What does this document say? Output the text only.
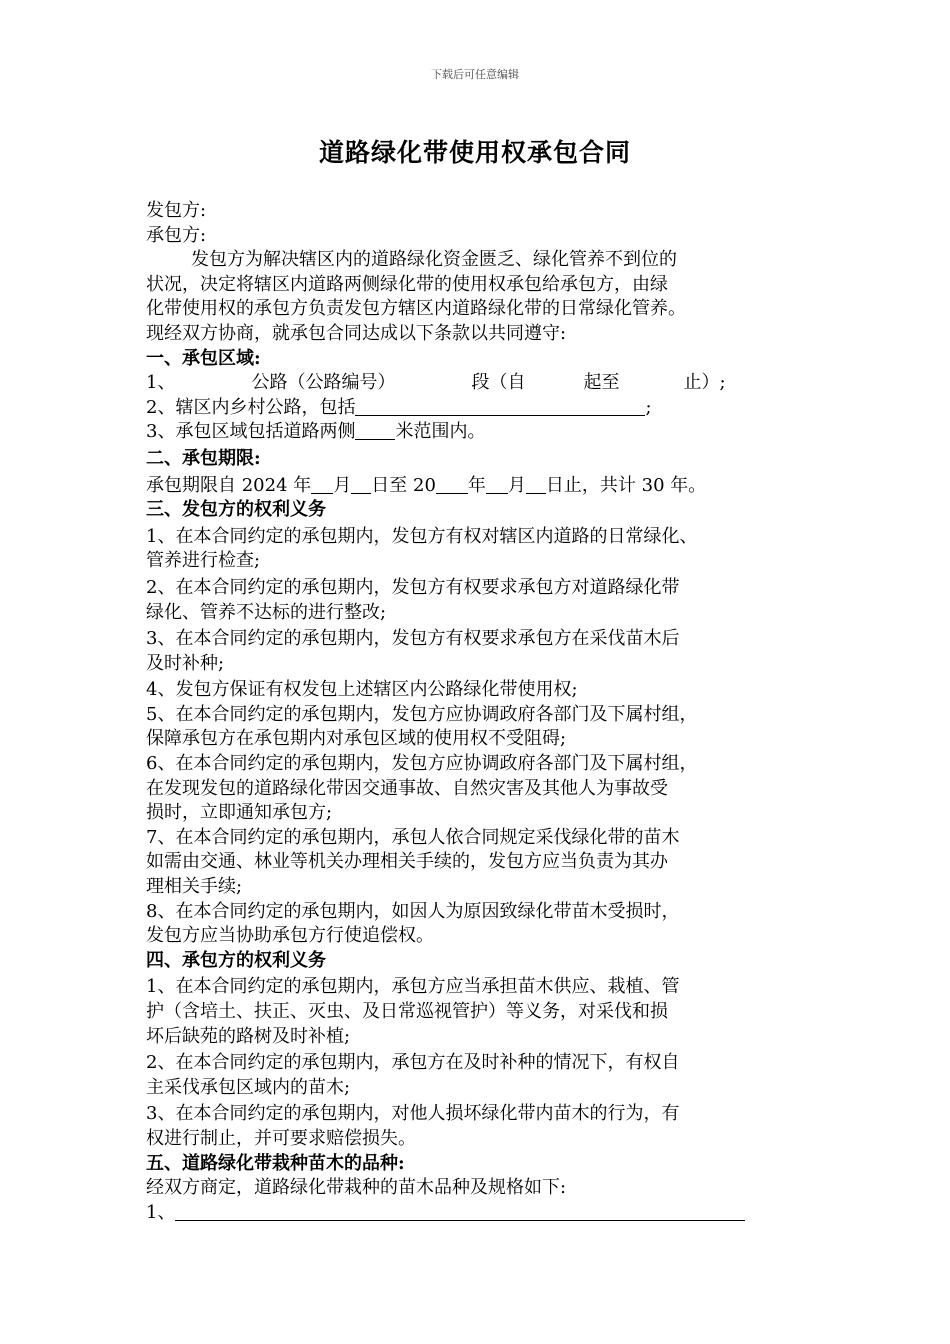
下载后可任意编辑
道路绿化带使用权承包合同
发包方:
承包方:
发包方为解决辖区内的道路绿化资金匮乏、绿化管养不到位的
状况，决定将辖区内道路两侧绿化带的使用权承包给承包方，由绿
化带使用权的承包方负责发包方辖区内道路绿化带的日常绿化管养。
现经双方协商，就承包合同达成以下条款以共同遵守:
一、承包区域:
1、	公路（公路编号）	段（自	起至	止）;
2、辖区内乡村公路，包括	;
3、承包区域包括道路两侧 米范围内。
二、承包期限:
承包期限自 2024 年 月 日至 20 年 月 日止，共计 30 年。
三、发包方的权利义务
1、在本合同约定的承包期内，发包方有权对辖区内道路的日常绿化、
管养进行检查;
2、在本合同约定的承包期内，发包方有权要求承包方对道路绿化带
绿化、管养不达标的进行整改;
3、在本合同约定的承包期内，发包方有权要求承包方在采伐苗木后
及时补种;
4、发包方保证有权发包上述辖区内公路绿化带使用权;
5、在本合同约定的承包期内，发包方应协调政府各部门及下属村组，
保障承包方在承包期内对承包区域的使用权不受阻碍;
6、在本合同约定的承包期内，发包方应协调政府各部门及下属村组，
在发现发包的道路绿化带因交通事故、自然灾害及其他人为事故受
损时，立即通知承包方;
7、在本合同约定的承包期内，承包人依合同规定采伐绿化带的苗木
如需由交通、林业等机关办理相关手续的，发包方应当负责为其办
理相关手续;
8、在本合同约定的承包期内，如因人为原因致绿化带苗木受损时，
发包方应当协助承包方行使追偿权。
四、承包方的权利义务
1、在本合同约定的承包期内，承包方应当承担苗木供应、栽植、管
护（含培土、扶正、灭虫、及日常巡视管护）等义务，对采伐和损
坏后缺苑的路树及时补植;
2、在本合同约定的承包期内，承包方在及时补种的情况下，有权自
主采伐承包区域内的苗木;
3、在本合同约定的承包期内，对他人损坏绿化带内苗木的行为，有
权进行制止，并可要求赔偿损失。
五、道路绿化带栽种苗木的品种:
经双方商定，道路绿化带栽种的苗木品种及规格如下:
1、
